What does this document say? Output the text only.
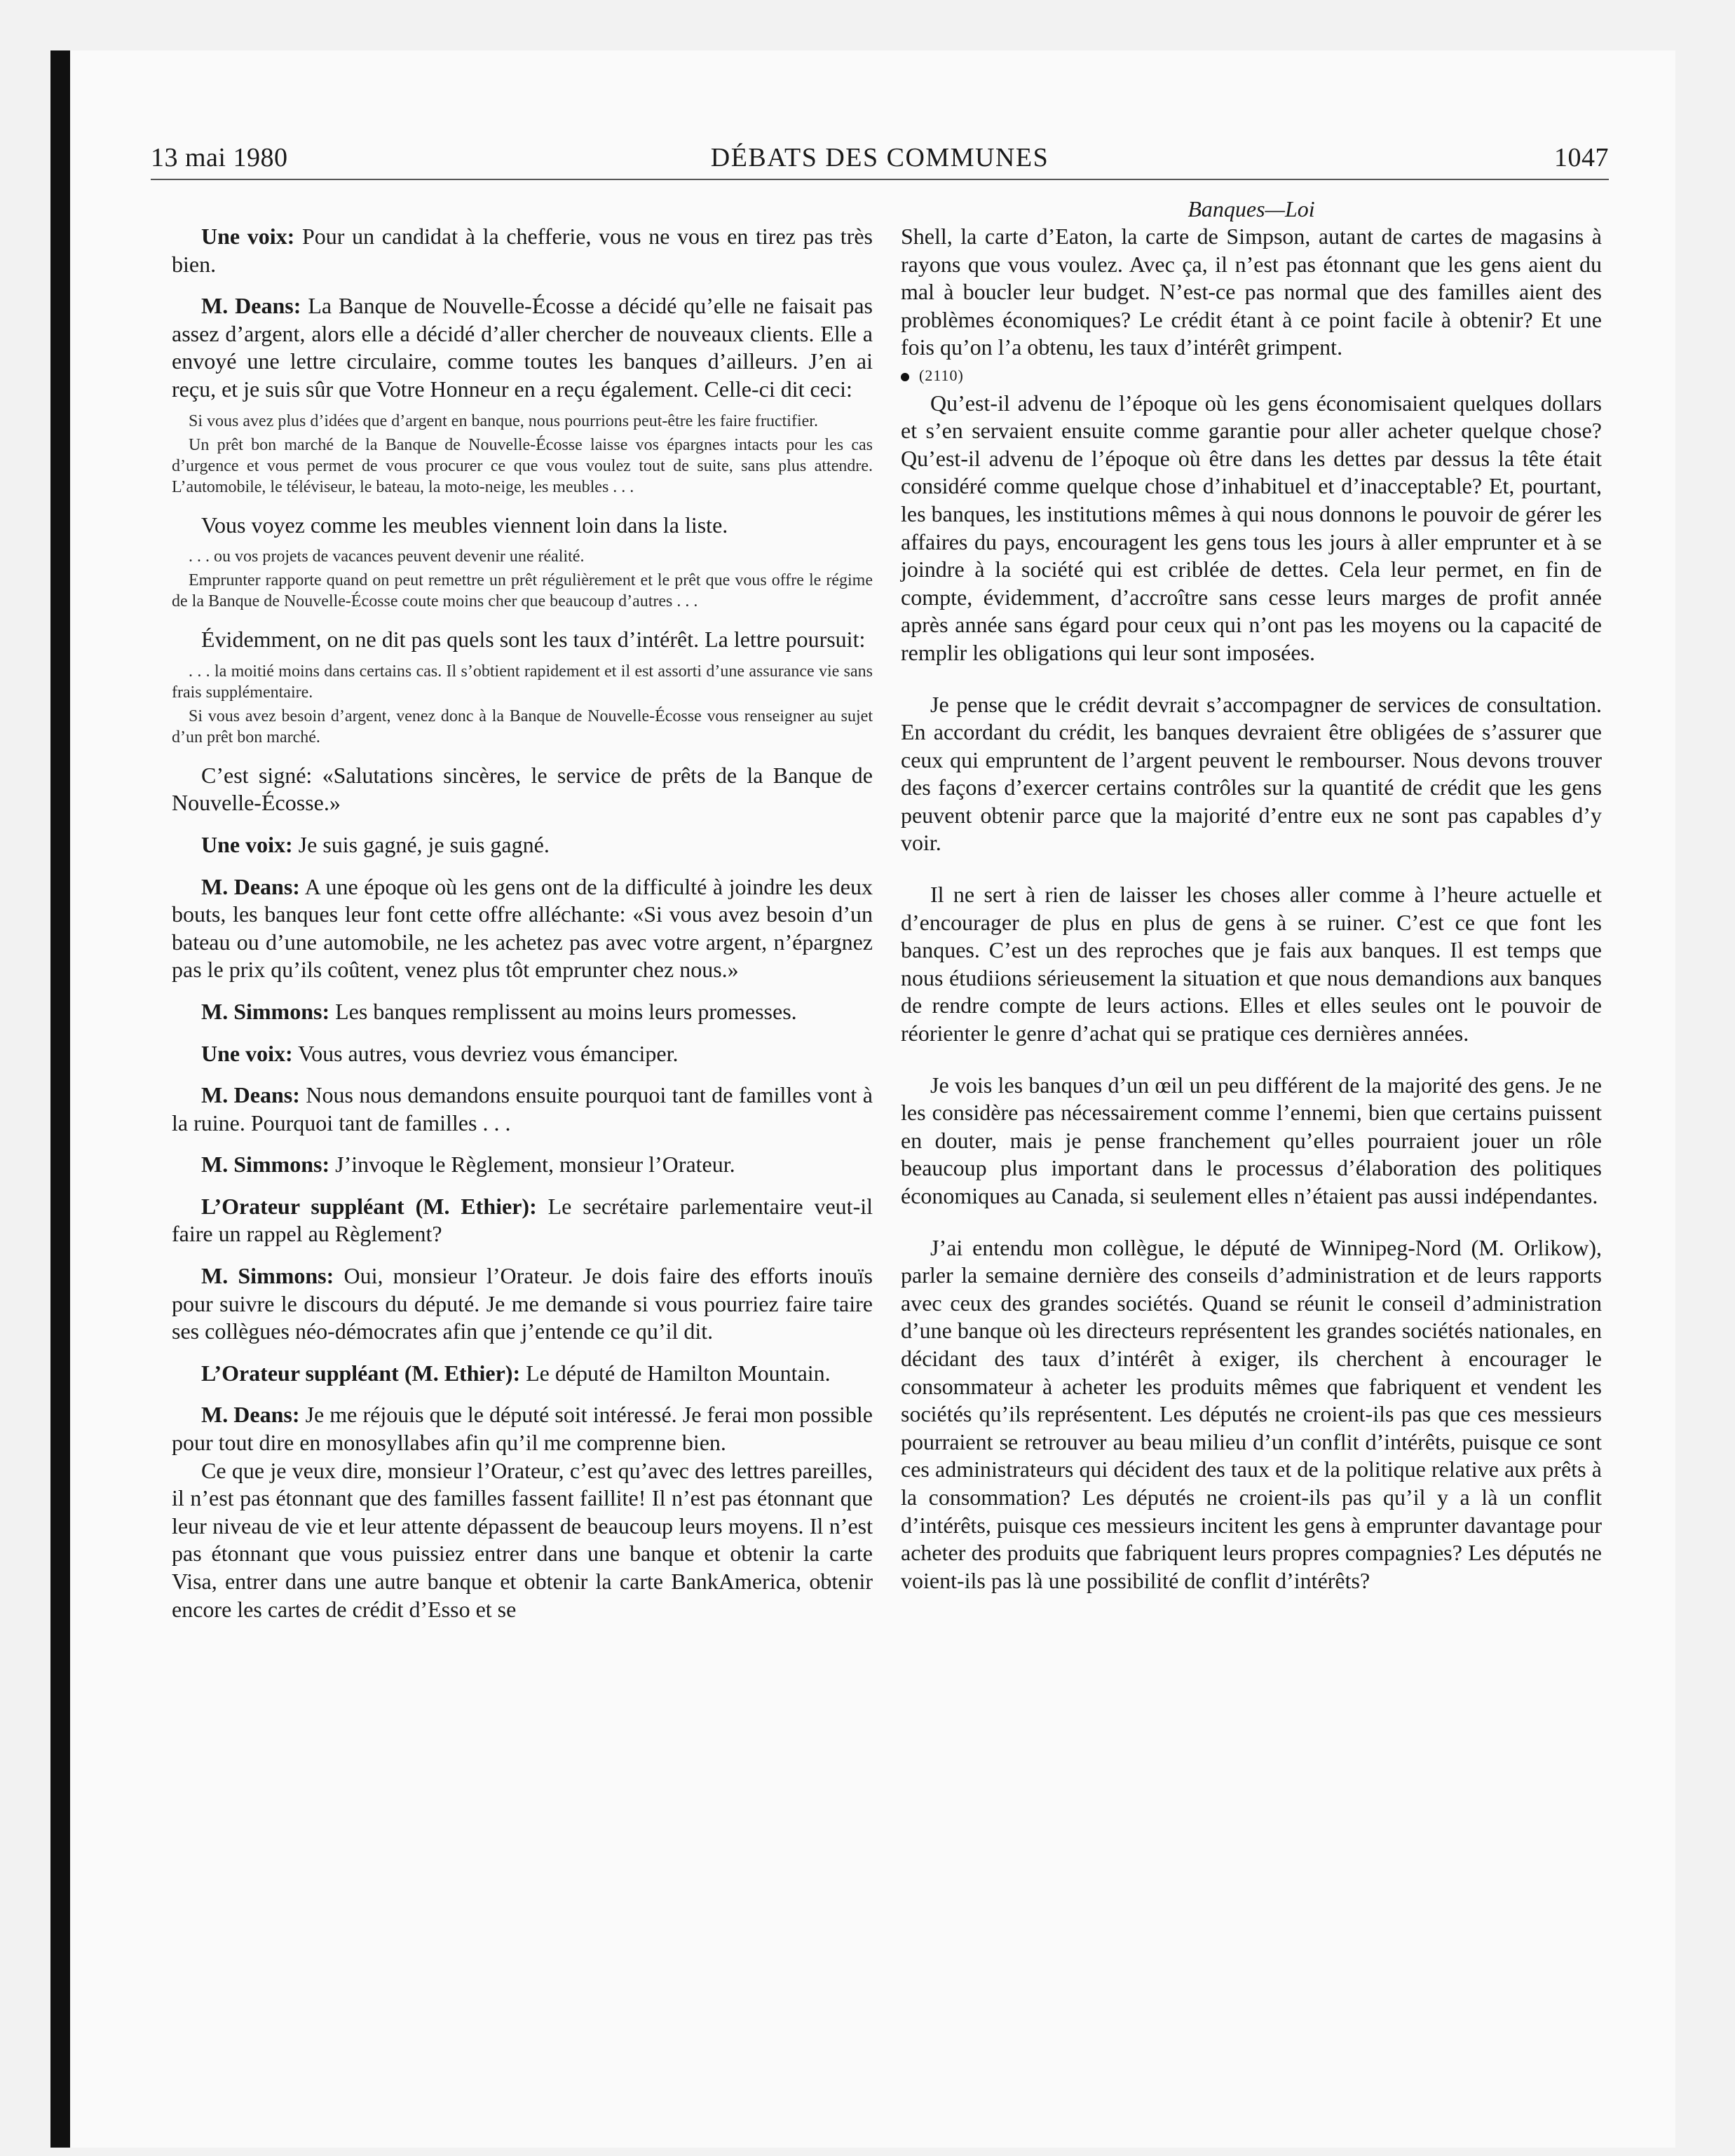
13 mai 1980	DÉBATS DES COMMUNES	1047

Une voix: Pour un candidat à la chefferie, vous ne vous en tirez pas très bien.

M. Deans: La Banque de Nouvelle-Écosse a décidé qu’elle ne faisait pas assez d’argent, alors elle a décidé d’aller chercher de nouveaux clients. Elle a envoyé une lettre circulaire, comme toutes les banques d’ailleurs. J’en ai reçu, et je suis sûr que Votre Honneur en a reçu également. Celle-ci dit ceci:

Si vous avez plus d’idées que d’argent en banque, nous pourrions peut-être les faire fructifier.

Un prêt bon marché de la Banque de Nouvelle-Écosse laisse vos épargnes intacts pour les cas d’urgence et vous permet de vous procurer ce que vous voulez tout de suite, sans plus attendre. L’automobile, le téléviseur, le bateau, la moto-neige, les meubles . . .

Vous voyez comme les meubles viennent loin dans la liste.

. . . ou vos projets de vacances peuvent devenir une réalité.

Emprunter rapporte quand on peut remettre un prêt régulièrement et le prêt que vous offre le régime de la Banque de Nouvelle-Écosse coute moins cher que beaucoup d’autres . . .

Évidemment, on ne dit pas quels sont les taux d’intérêt. La lettre poursuit:

. . . la moitié moins dans certains cas. Il s’obtient rapidement et il est assorti d’une assurance vie sans frais supplémentaire.

Si vous avez besoin d’argent, venez donc à la Banque de Nouvelle-Écosse vous renseigner au sujet d’un prêt bon marché.

C’est signé: «Salutations sincères, le service de prêts de la Banque de Nouvelle-Écosse.»

Une voix: Je suis gagné, je suis gagné.

M. Deans: A une époque où les gens ont de la difficulté à joindre les deux bouts, les banques leur font cette offre alléchante: «Si vous avez besoin d’un bateau ou d’une automobile, ne les achetez pas avec votre argent, n’épargnez pas le prix qu’ils coûtent, venez plus tôt emprunter chez nous.»

M. Simmons: Les banques remplissent au moins leurs promesses.

Une voix: Vous autres, vous devriez vous émanciper.

M. Deans: Nous nous demandons ensuite pourquoi tant de familles vont à la ruine. Pourquoi tant de familles . . .

M. Simmons: J’invoque le Règlement, monsieur l’Orateur.

L’Orateur suppléant (M. Ethier): Le secrétaire parlementaire veut-il faire un rappel au Règlement?

M. Simmons: Oui, monsieur l’Orateur. Je dois faire des efforts inouïs pour suivre le discours du député. Je me demande si vous pourriez faire taire ses collègues néo-démocrates afin que j’entende ce qu’il dit.

L’Orateur suppléant (M. Ethier): Le député de Hamilton Mountain.

M. Deans: Je me réjouis que le député soit intéressé. Je ferai mon possible pour tout dire en monosyllabes afin qu’il me comprenne bien.

Ce que je veux dire, monsieur l’Orateur, c’est qu’avec des lettres pareilles, il n’est pas étonnant que des familles fassent faillite! Il n’est pas étonnant que leur niveau de vie et leur attente dépassent de beaucoup leurs moyens. Il n’est pas étonnant que vous puissiez entrer dans une banque et obtenir la carte Visa, entrer dans une autre banque et obtenir la carte BankAmerica, obtenir encore les cartes de crédit d’Esso et se

Banques—Loi

Shell, la carte d’Eaton, la carte de Simpson, autant de cartes de magasins à rayons que vous voulez. Avec ça, il n’est pas étonnant que les gens aient du mal à boucler leur budget. N’est-ce pas normal que des familles aient des problèmes économiques? Le crédit étant à ce point facile à obtenir? Et une fois qu’on l’a obtenu, les taux d’intérêt grimpent.

(2110)

Qu’est-il advenu de l’époque où les gens économisaient quelques dollars et s’en servaient ensuite comme garantie pour aller acheter quelque chose? Qu’est-il advenu de l’époque où être dans les dettes par dessus la tête était considéré comme quelque chose d’inhabituel et d’inacceptable? Et, pourtant, les banques, les institutions mêmes à qui nous donnons le pouvoir de gérer les affaires du pays, encouragent les gens tous les jours à aller emprunter et à se joindre à la société qui est criblée de dettes. Cela leur permet, en fin de compte, évidemment, d’accroître sans cesse leurs marges de profit année après année sans égard pour ceux qui n’ont pas les moyens ou la capacité de remplir les obligations qui leur sont imposées.

Je pense que le crédit devrait s’accompagner de services de consultation. En accordant du crédit, les banques devraient être obligées de s’assurer que ceux qui empruntent de l’argent peuvent le rembourser. Nous devons trouver des façons d’exercer certains contrôles sur la quantité de crédit que les gens peuvent obtenir parce que la majorité d’entre eux ne sont pas capables d’y voir.

Il ne sert à rien de laisser les choses aller comme à l’heure actuelle et d’encourager de plus en plus de gens à se ruiner. C’est ce que font les banques. C’est un des reproches que je fais aux banques. Il est temps que nous étudiions sérieusement la situation et que nous demandions aux banques de rendre compte de leurs actions. Elles et elles seules ont le pouvoir de réorienter le genre d’achat qui se pratique ces dernières années.

Je vois les banques d’un œil un peu différent de la majorité des gens. Je ne les considère pas nécessairement comme l’ennemi, bien que certains puissent en douter, mais je pense franchement qu’elles pourraient jouer un rôle beaucoup plus important dans le processus d’élaboration des politiques économiques au Canada, si seulement elles n’étaient pas aussi indépendantes.

J’ai entendu mon collègue, le député de Winnipeg-Nord (M. Orlikow), parler la semaine dernière des conseils d’administration et de leurs rapports avec ceux des grandes sociétés. Quand se réunit le conseil d’administration d’une banque où les directeurs représentent les grandes sociétés nationales, en décidant des taux d’intérêt à exiger, ils cherchent à encourager le consommateur à acheter les produits mêmes que fabriquent et vendent les sociétés qu’ils représentent. Les députés ne croient-ils pas que ces messieurs pourraient se retrouver au beau milieu d’un conflit d’intérêts, puisque ce sont ces administrateurs qui décident des taux et de la politique relative aux prêts à la consommation? Les députés ne croient-ils pas qu’il y a là un conflit d’intérêts, puisque ces messieurs incitent les gens à emprunter davantage pour acheter des produits que fabriquent leurs propres compagnies? Les députés ne voient-ils pas là une possibilité de conflit d’intérêts?
